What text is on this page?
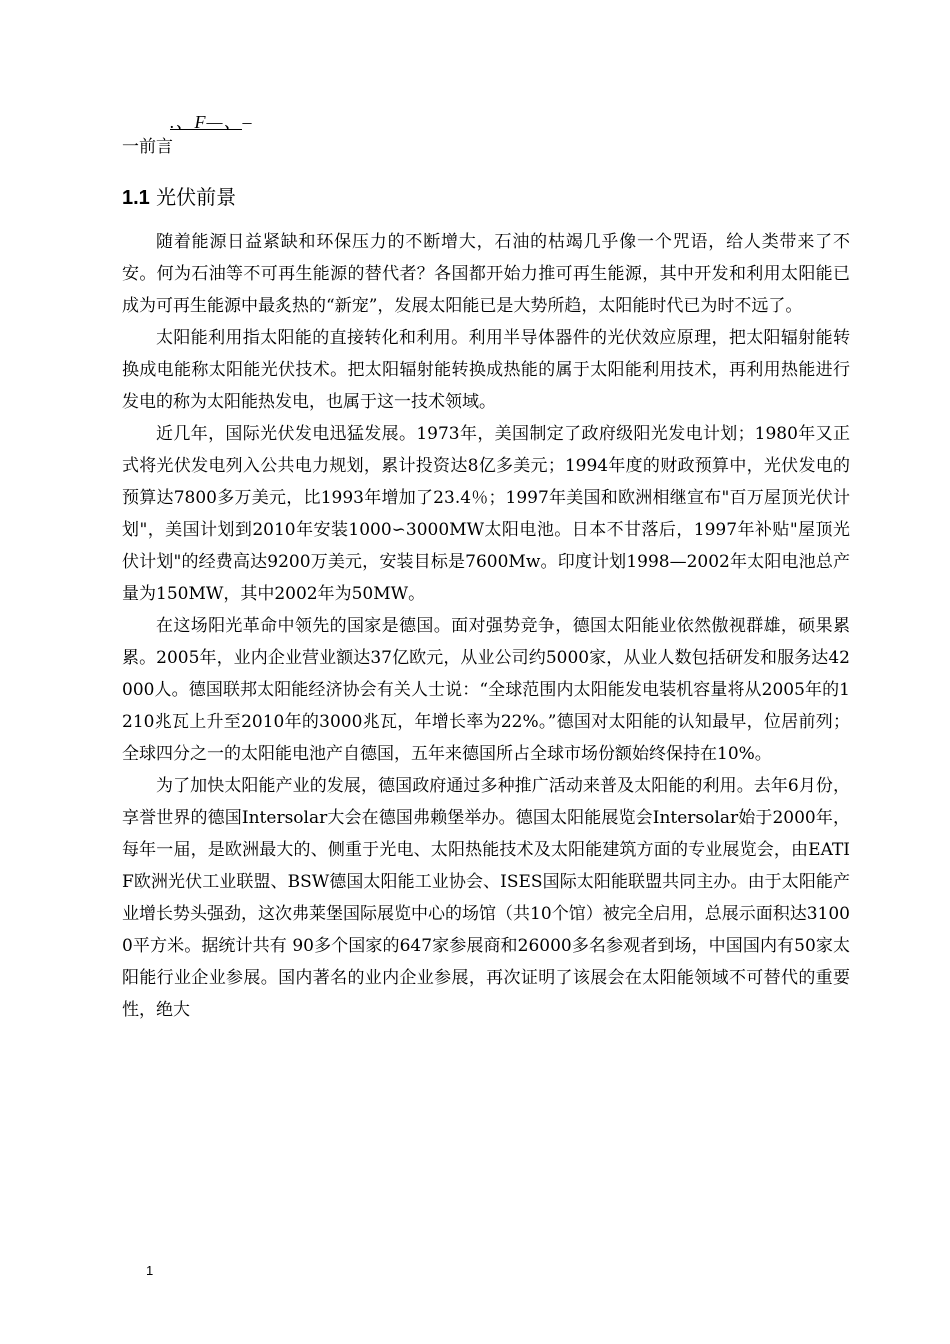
.、F—、–
一前言
1.1 光伏前景

随着能源日益紧缺和环保压力的不断增大，石油的枯竭几乎像一个咒语，给人类带来了不安。何为石油等不可再生能源的替代者？各国都开始力推可再生能源，其中开发和利用太阳能已成为可再生能源中最炙热的“新宠”，发展太阳能已是大势所趋，太阳能时代已为时不远了。

太阳能利用指太阳能的直接转化和利用。利用半导体器件的光伏效应原理，把太阳辐射能转换成电能称太阳能光伏技术。把太阳辐射能转换成热能的属于太阳能利用技术，再利用热能进行发电的称为太阳能热发电，也属于这一技术领域。

近几年，国际光伏发电迅猛发展。1973年，美国制定了政府级阳光发电计划；1980年又正式将光伏发电列入公共电力规划，累计投资达8亿多美元；1994年度的财政预算中，光伏发电的预算达7800多万美元，比1993年增加了23.4％；1997年美国和欧洲相继宣布"百万屋顶光伏计划"，美国计划到2010年安装1000∽3000MW太阳电池。日本不甘落后，1997年补贴"屋顶光伏计划"的经费高达9200万美元，安装目标是7600Mw。印度计划1998—2002年太阳电池总产量为150MW，其中2002年为50MW。

在这场阳光革命中领先的国家是德国。面对强势竞争，德国太阳能业依然傲视群雄，硕果累累。2005年，业内企业营业额达37亿欧元，从业公司约5000家，从业人数包括研发和服务达42000人。德国联邦太阳能经济协会有关人士说：“全球范围内太阳能发电装机容量将从2005年的1210兆瓦上升至2010年的3000兆瓦，年增长率为22%。”德国对太阳能的认知最早，位居前列；全球四分之一的太阳能电池产自德国，五年来德国所占全球市场份额始终保持在10%。

为了加快太阳能产业的发展，德国政府通过多种推广活动来普及太阳能的利用。去年6月份，享誉世界的德国Intersolar大会在德国弗赖堡举办。德国太阳能展览会Intersolar始于2000年，每年一届，是欧洲最大的、侧重于光电、太阳热能技术及太阳能建筑方面的专业展览会，由EATIF欧洲光伏工业联盟、BSW德国太阳能工业协会、ISES国际太阳能联盟共同主办。由于太阳能产业增长势头强劲，这次弗莱堡国际展览中心的场馆（共10个馆）被完全启用，总展示面积达31000平方米。据统计共有 90多个国家的647家参展商和26000多名参观者到场，中国国内有50家太阳能行业企业参展。国内著名的业内企业参展，再次证明了该展会在太阳能领域不可替代的重要性，绝大

1
